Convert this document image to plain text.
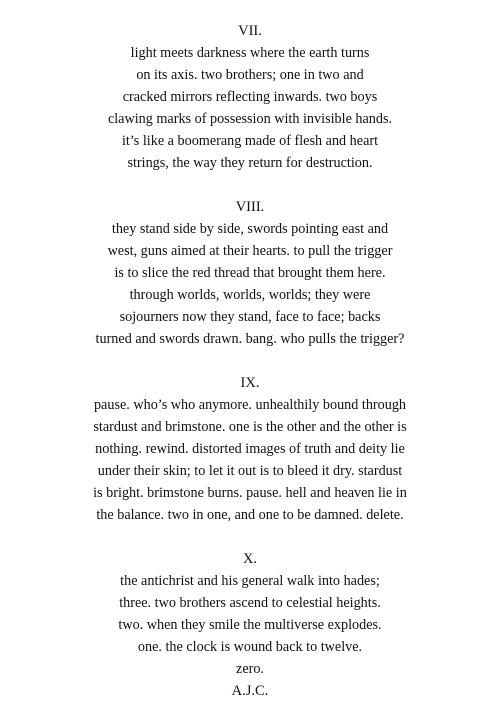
VII.
light meets darkness where the earth turns
on its axis. two brothers; one in two and
cracked mirrors reflecting inwards. two boys
clawing marks of possession with invisible hands.
it’s like a boomerang made of flesh and heart
strings, the way they return for destruction.
VIII.
they stand side by side, swords pointing east and
west, guns aimed at their hearts. to pull the trigger
is to slice the red thread that brought them here.
through worlds, worlds, worlds; they were
sojourners now they stand, face to face; backs
turned and swords drawn. bang. who pulls the trigger?
IX.
pause. who’s who anymore. unhealthily bound through
stardust and brimstone. one is the other and the other is
nothing. rewind. distorted images of truth and deity lie
under their skin; to let it out is to bleed it dry. stardust
is bright. brimstone burns. pause. hell and heaven lie in
the balance. two in one, and one to be damned. delete.
X.
the antichrist and his general walk into hades;
three. two brothers ascend to celestial heights.
two. when they smile the multiverse explodes.
one. the clock is wound back to twelve.
zero.
A.J.C.
